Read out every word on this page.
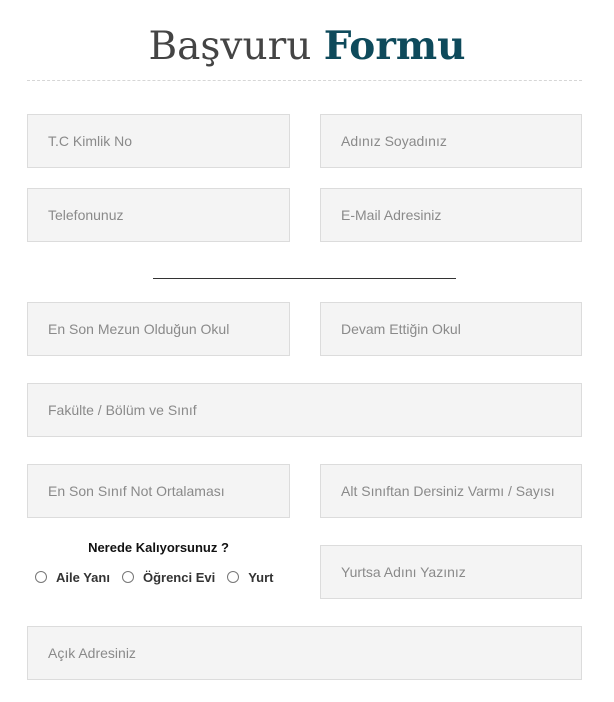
Başvuru Formu
T.C Kimlik No
Adınız Soyadınız
Telefonunuz
E-Mail Adresiniz
En Son Mezun Olduğun Okul
Devam Ettiğin Okul
Fakülte / Bölüm ve Sınıf
En Son Sınıf Not Ortalaması
Alt Sınıftan Dersiniz Varmı / Sayısı
Nerede Kalıyorsunuz ?
Aile Yanı	Öğrenci Evi	Yurt
Yurtsa Adını Yazınız
Açık Adresiniz
